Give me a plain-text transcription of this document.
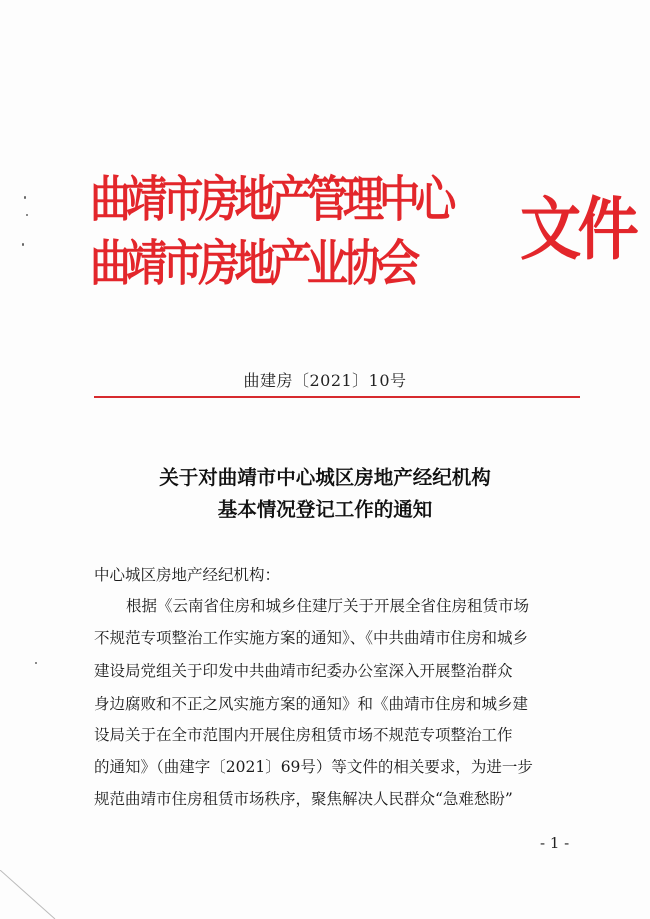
曲靖市房地产管理中心
曲靖市房地产业协会 文件
曲建房〔2021〕10号
关于对曲靖市中心城区房地产经纪机构
基本情况登记工作的通知
中心城区房地产经纪机构：
根据《云南省住房和城乡住建厅关于开展全省住房租赁市场
不规范专项整治工作实施方案的通知》、《中共曲靖市住房和城乡
建设局党组关于印发中共曲靖市纪委办公室深入开展整治群众
身边腐败和不正之风实施方案的通知》和《曲靖市住房和城乡建
设局关于在全市范围内开展住房租赁市场不规范专项整治工作
的通知》（曲建字〔2021〕69号）等文件的相关要求，为进一步
规范曲靖市住房租赁市场秩序，聚焦解决人民群众“急难愁盼”
- 1 -
